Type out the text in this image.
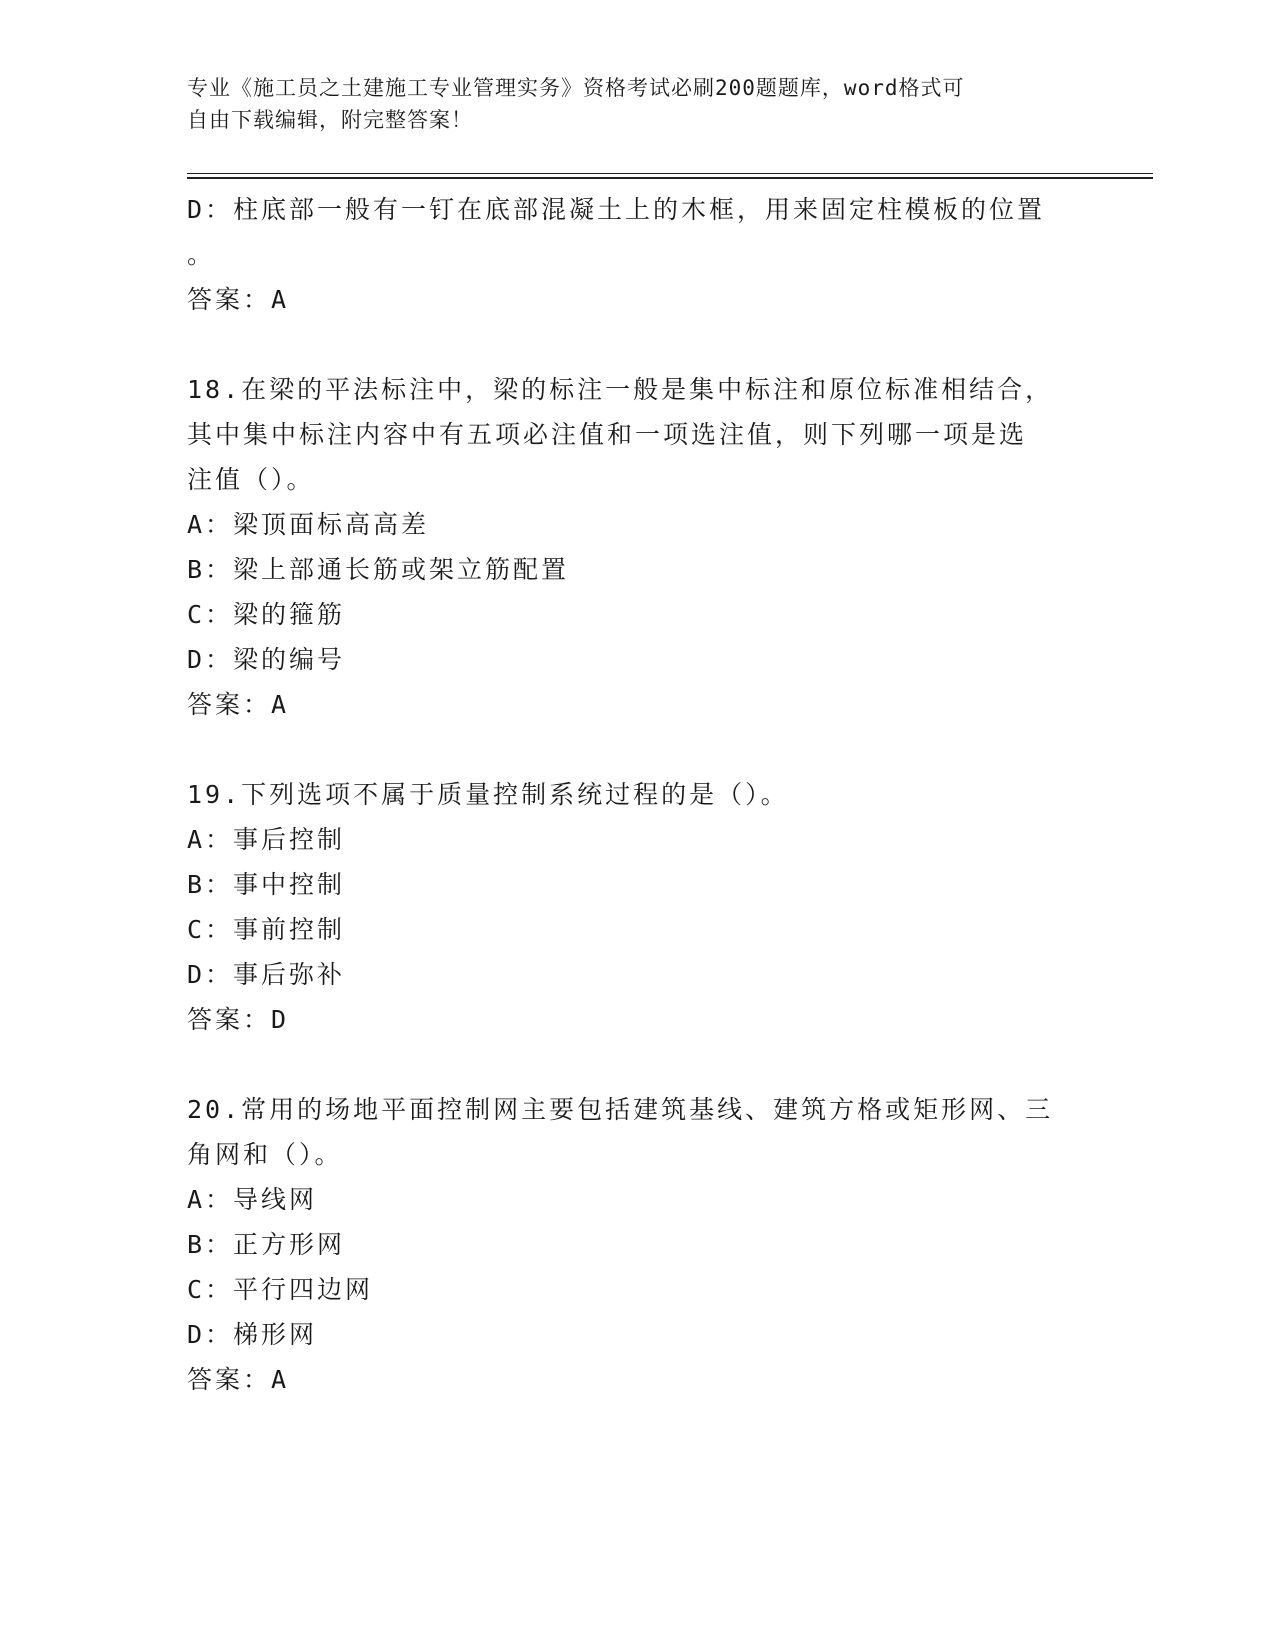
专业《施工员之土建施工专业管理实务》资格考试必刷200题题库，word格式可
自由下载编辑，附完整答案！

D：柱底部一般有一钉在底部混凝土上的木框，用来固定柱模板的位置

。

答案：A

18.在梁的平法标注中，梁的标注一般是集中标注和原位标准相结合，

其中集中标注内容中有五项必注值和一项选注值，则下列哪一项是选

注值（）。

A：梁顶面标高高差

B：梁上部通长筋或架立筋配置

C：梁的箍筋

D：梁的编号

答案：A

19.下列选项不属于质量控制系统过程的是（）。

A：事后控制

B：事中控制

C：事前控制

D：事后弥补

答案：D

20.常用的场地平面控制网主要包括建筑基线、建筑方格或矩形网、三

角网和（）。

A：导线网

B：正方形网

C：平行四边网

D：梯形网

答案：A
